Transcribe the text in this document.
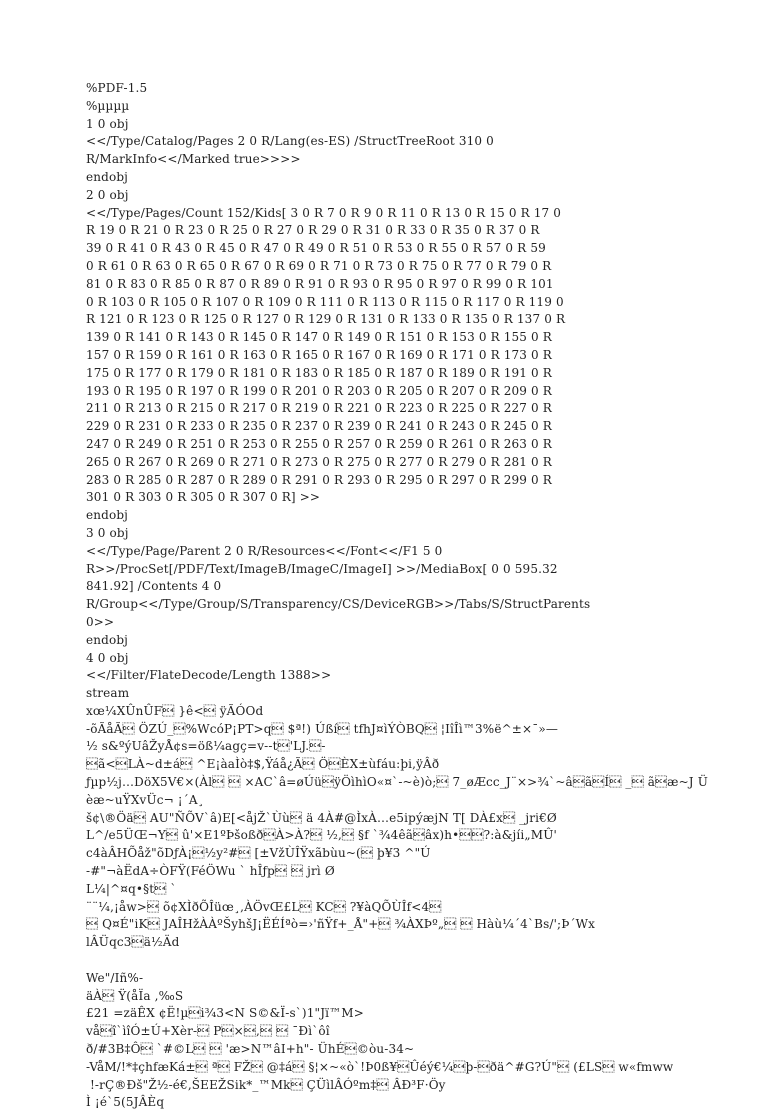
%PDF-1.5
%µµµµ
1 0 obj
<</Type/Catalog/Pages 2 0 R/Lang(es-ES) /StructTreeRoot 310 0
R/MarkInfo<</Marked true>>>>
endobj
2 0 obj
<</Type/Pages/Count 152/Kids[ 3 0 R 7 0 R 9 0 R 11 0 R 13 0 R 15 0 R 17 0
R 19 0 R 21 0 R 23 0 R 25 0 R 27 0 R 29 0 R 31 0 R 33 0 R 35 0 R 37 0 R
39 0 R 41 0 R 43 0 R 45 0 R 47 0 R 49 0 R 51 0 R 53 0 R 55 0 R 57 0 R 59
0 R 61 0 R 63 0 R 65 0 R 67 0 R 69 0 R 71 0 R 73 0 R 75 0 R 77 0 R 79 0 R
81 0 R 83 0 R 85 0 R 87 0 R 89 0 R 91 0 R 93 0 R 95 0 R 97 0 R 99 0 R 101
0 R 103 0 R 105 0 R 107 0 R 109 0 R 111 0 R 113 0 R 115 0 R 117 0 R 119 0
R 121 0 R 123 0 R 125 0 R 127 0 R 129 0 R 131 0 R 133 0 R 135 0 R 137 0 R
139 0 R 141 0 R 143 0 R 145 0 R 147 0 R 149 0 R 151 0 R 153 0 R 155 0 R
157 0 R 159 0 R 161 0 R 163 0 R 165 0 R 167 0 R 169 0 R 171 0 R 173 0 R
175 0 R 177 0 R 179 0 R 181 0 R 183 0 R 185 0 R 187 0 R 189 0 R 191 0 R
193 0 R 195 0 R 197 0 R 199 0 R 201 0 R 203 0 R 205 0 R 207 0 R 209 0 R
211 0 R 213 0 R 215 0 R 217 0 R 219 0 R 221 0 R 223 0 R 225 0 R 227 0 R
229 0 R 231 0 R 233 0 R 235 0 R 237 0 R 239 0 R 241 0 R 243 0 R 245 0 R
247 0 R 249 0 R 251 0 R 253 0 R 255 0 R 257 0 R 259 0 R 261 0 R 263 0 R
265 0 R 267 0 R 269 0 R 271 0 R 273 0 R 275 0 R 277 0 R 279 0 R 281 0 R
283 0 R 285 0 R 287 0 R 289 0 R 291 0 R 293 0 R 295 0 R 297 0 R 299 0 R
301 0 R 303 0 R 305 0 R 307 0 R] >>
endobj
3 0 obj
<</Type/Page/Parent 2 0 R/Resources<</Font<</F1 5 0
R>>/ProcSet[/PDF/Text/ImageB/ImageC/ImageI] >>/MediaBox[ 0 0 595.32
841.92] /Contents 4 0
R/Group<</Type/Group/S/Transparency/CS/DeviceRGB>>/Tabs/S/StructParents
0>>
endobj
4 0 obj
<</Filter/FlateDecode/Length 1388>>
stream
xœ¼XÛnÛF }ê< ÿÃÓOd
-õÃåÃ ÖZÚ_%WcóP¡PT>q $ª!) Úßí tfhJ¤ìÝÒBQ ¦IîÎì™3%ë^±×¯»—
½ s&ºýUâŽyÅ¢s=öß¼agç=v--t'LJ.-
ã<LÀ~d±á ^E¡àaÌò‡$,Ÿáå¿Ã ÖÈX±ùfáu:þi,ÿÂð
ƒµp½j…DöX5V€×(Àl  ×AC`â=øÚüÿÖìhìO«¤`-~è)ò; 7_øÆcc_J¨×>¾`~âãÍ _ ãæ~J Ü
èæ~uŸXvÜc¬ ¡´A¸
š¢\®Öä AU"ÑÕV`â)E[<åjŽ`Ùù ä 4À#@ÌxÀ…e5ipýæjN T[ DÀ£x _jri€Ø
L^/e5ÜŒ¬Y û'×E1ºÞšoßðÀ>À? ½, §f `¾4êãâx)h•?:à&jíi„MÛ'
c4àÂHÕåž"õDƒÀ¡½y²# [±VžÙÎŸxãbùu~( þ¥3 ^"Ú
-#"¬àËdA÷ÒFŸ(FéÖWu ` hÎƒp  jrì Ø
L¼|^¤q•§t `
¨¨¼,¡åw> õ¢XÌðÕÎüœ¸,ÀÖvŒ£L KC ?¥àQÕÙÎf<4
 Q¤É"iK JAÎHžÀÀºŠyhšJ¡ËÉÍªò=›'ñŸf+_Å"+ ¾ÀXÞº„  Hàù¼´4`Bs/';Þ´Wx
lÂÜqc3ä½Äd
We"/Iñ%-
äÀ Ÿ(åÏa ,‰S
£21 =zäÊX ¢Ë!µi¾3<N S©&Ï-s`)1"Jï™M>
våî`ìîÓ±Ú+Xèr- P×,  ¯Ðì`ôî
ð/#3B‡Ô `#©L  'æ>N™âI+h"- ÜhÉ©òu-34~
-VåM/!*‡çhfæKá± ª FŽ @‡á §¦×~«ò`!Þ0ß¥Ûéý€¼þ-ðä^#G?Ú" (£LS w«fmww
!-rÇ®Ðš"Ž½-é€,ŠEEŽSik*_™Mk ÇÜìlÂÓºm‡ ÂÐ³F·Öy
Ì ¡é`5(5JÂÈq
